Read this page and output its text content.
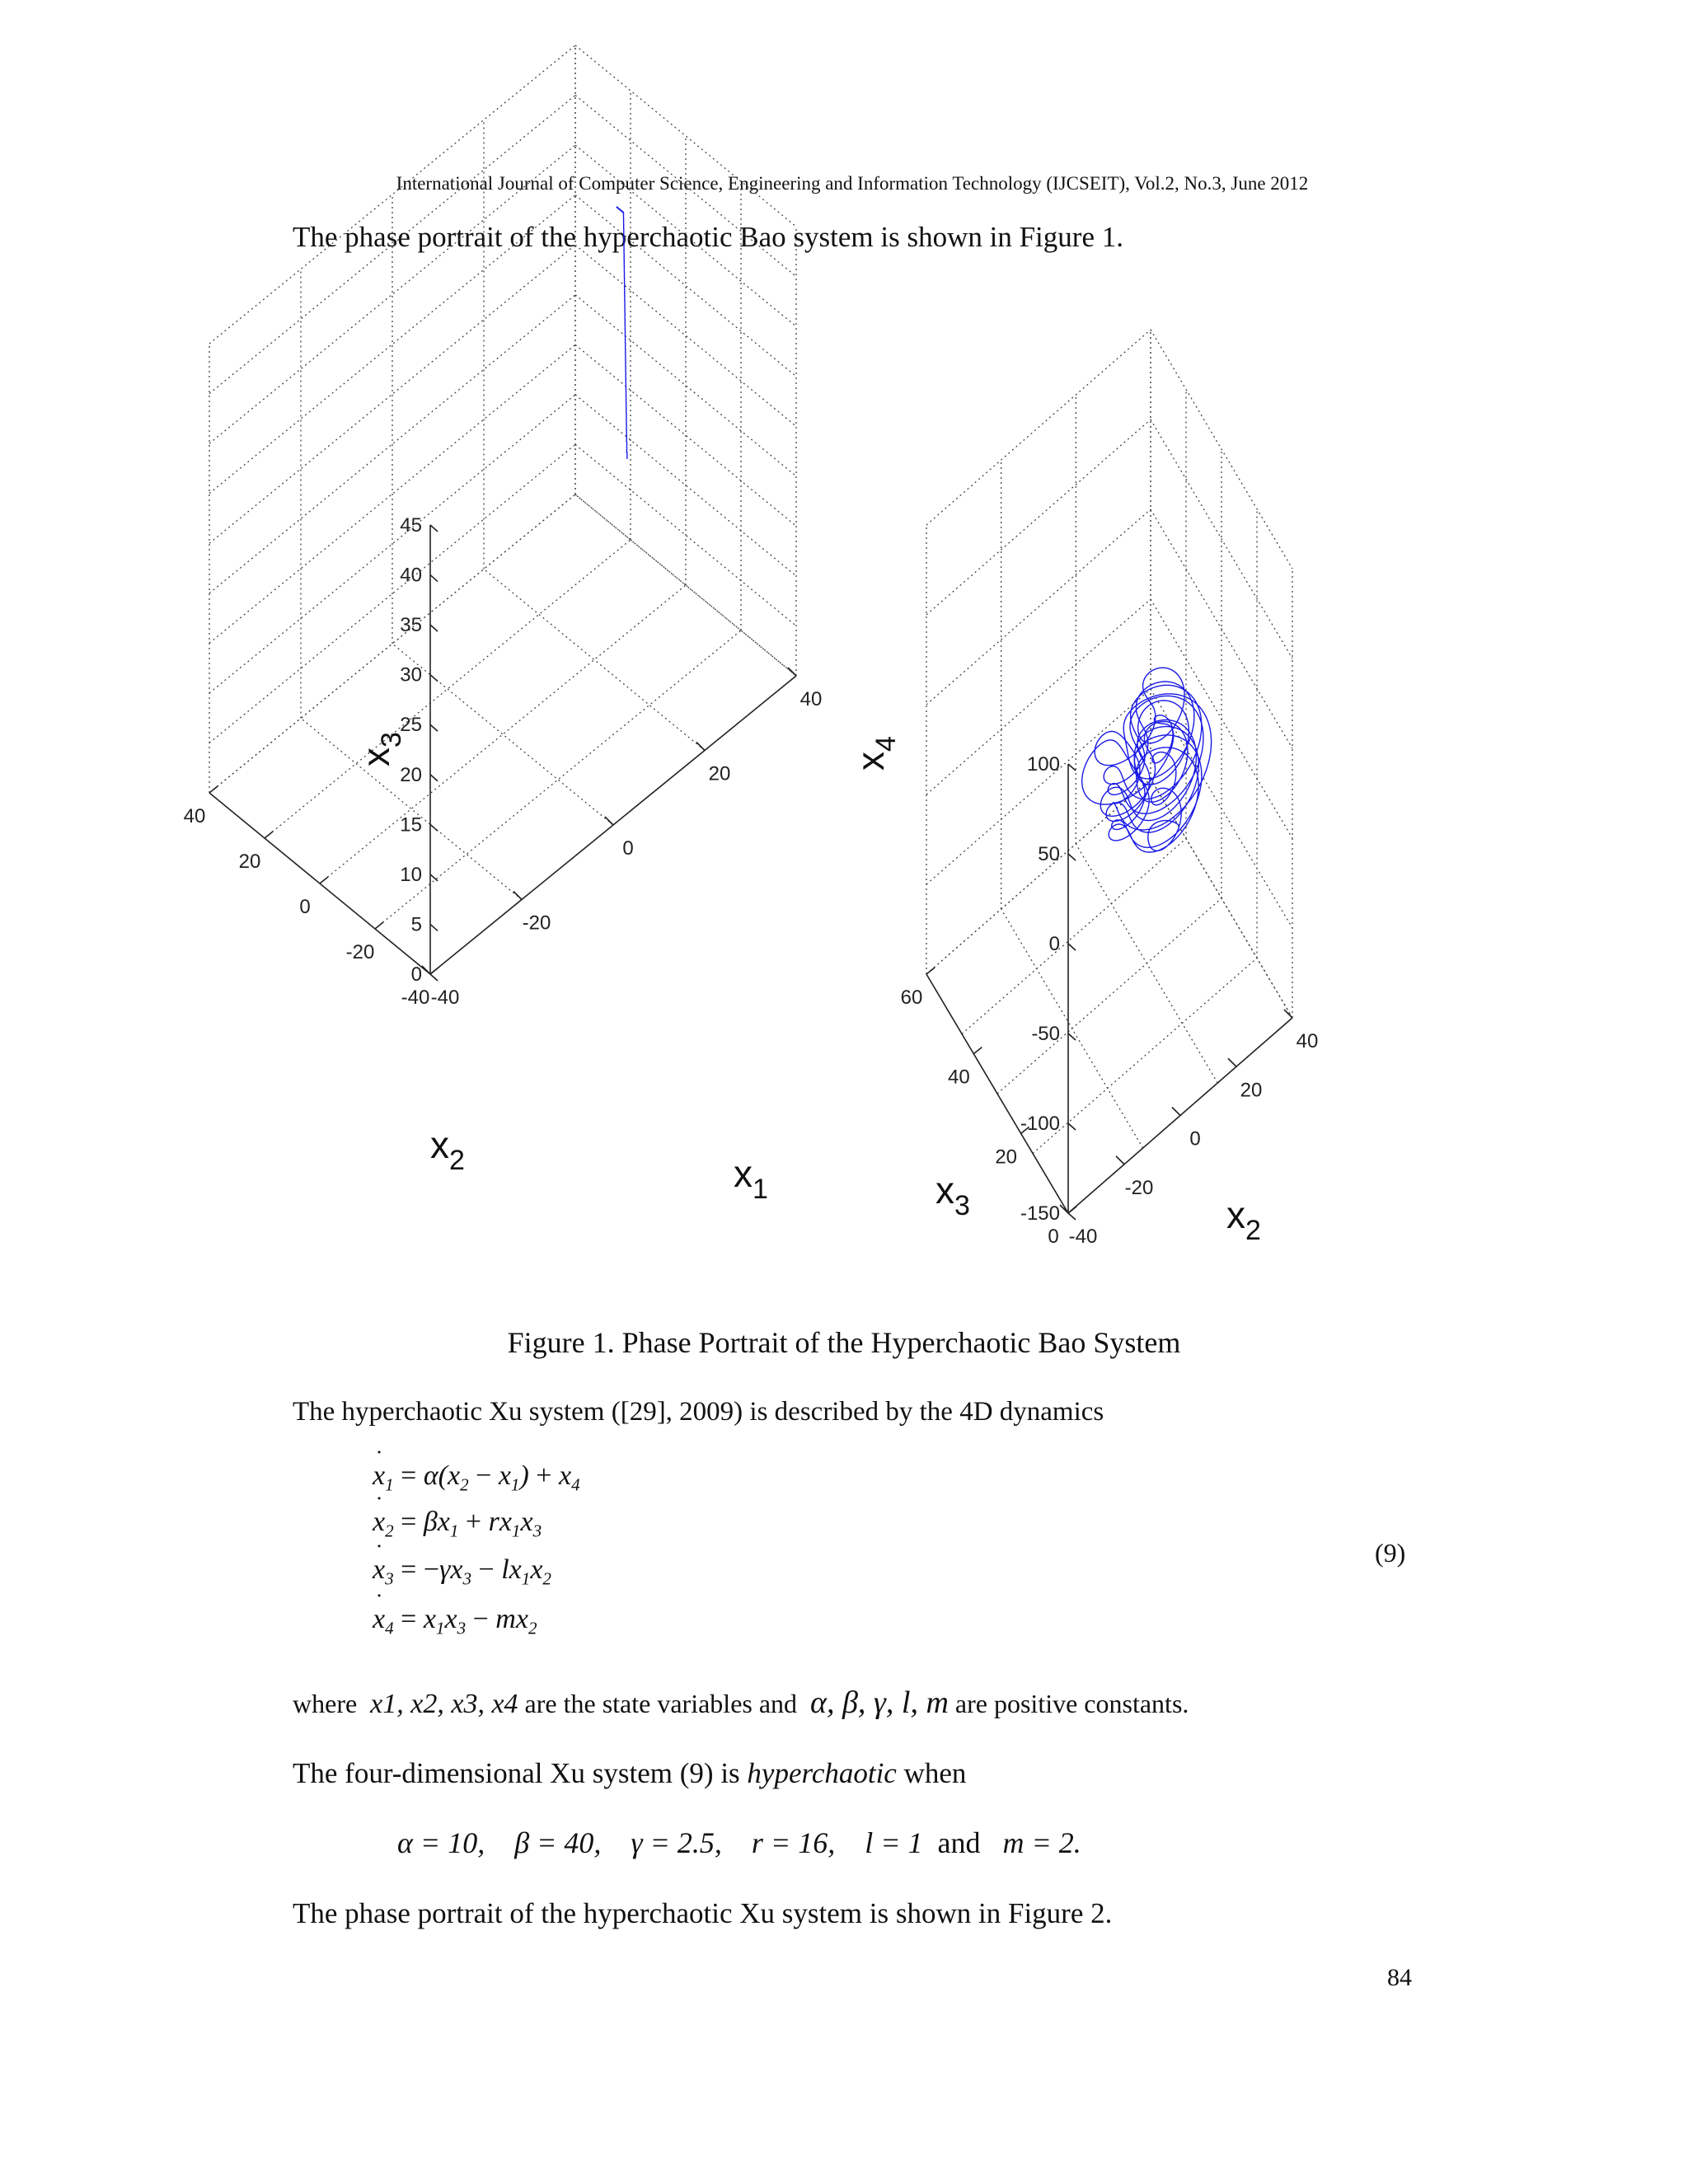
International Journal of Computer Science, Engineering and Information Technology (IJCSEIT), Vol.2, No.3, June 2012
The phase portrait of the hyperchaotic Bao system is shown in Figure 1.
-40
-20
0
20
40
-40
-20
0
20
40
0
5
10
15
20
25
30
35
40
45
$x_1$
$x_2$
$x_3$
-40
-20
0
20
40
0
20
40
60
-150
-100
-50
0
50
100
$x_2$
$x_3$
$x_4$
Figure 1. Phase Portrait of the Hyperchaotic Bao System
The hyperchaotic Xu system ([29], 2009) is described by the 4D dynamics
˙ $x_1 = \alpha(x_2 - x_1) + x_4$
˙ $x_2 = \beta x_1 + rx_1x_3$
˙ $x_3 = -\gamma x_3 - lx_1x_2$
˙ $x_4 = x_1x_3 - mx_2$
(9)
where x1, x2, x3, x4 are the state variables and α, β, γ, l, m are positive constants.
The four-dimensional Xu system (9) is hyperchaotic when
α = 10, β = 40, γ = 2.5, r = 16, l = 1 and m = 2.
The phase portrait of the hyperchaotic Xu system is shown in Figure 2.
84
